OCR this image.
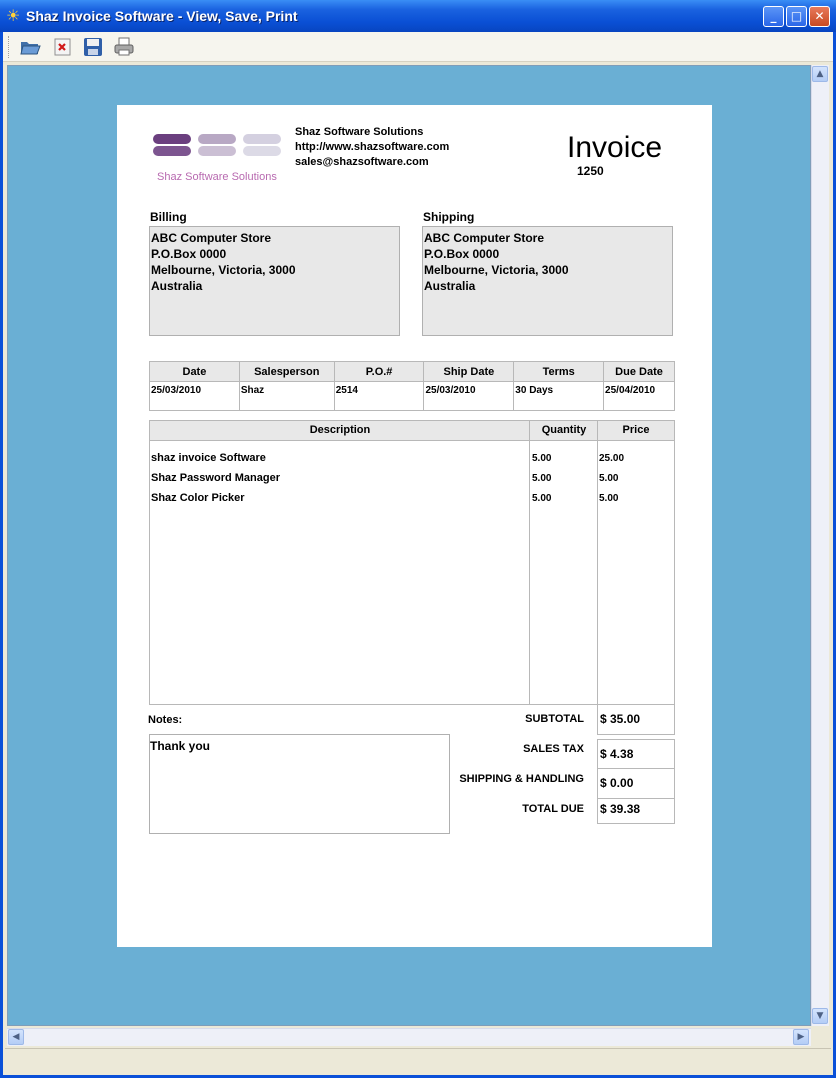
☀ Shaz Invoice Software - View, Save, Print	_	□	✕
Shaz Software Solutions
Shaz Software Solutions
http://www.shazsoftware.com
sales@shazsoftware.com	Invoice
1250
Billing
ABC Computer Store
P.O.Box 0000
Melbourne, Victoria, 3000
Australia
Shipping
ABC Computer Store
P.O.Box 0000
Melbourne, Victoria, 3000
Australia
Date	Salesperson	P.O.#	Ship Date	Terms	Due Date
25/03/2010	Shaz	2514	25/03/2010	30 Days	25/04/2010
Description	Quantity	Price
shaz invoice Software	5.00	25.00
Shaz Password Manager	5.00	5.00
Shaz Color Picker	5.00	5.00
Notes:
Thank you
SUBTOTAL $ 35.00
SALES TAX $ 4.38
SHIPPING & HANDLING $ 0.00
TOTAL DUE $ 39.38
▲
▼
◀	▶
